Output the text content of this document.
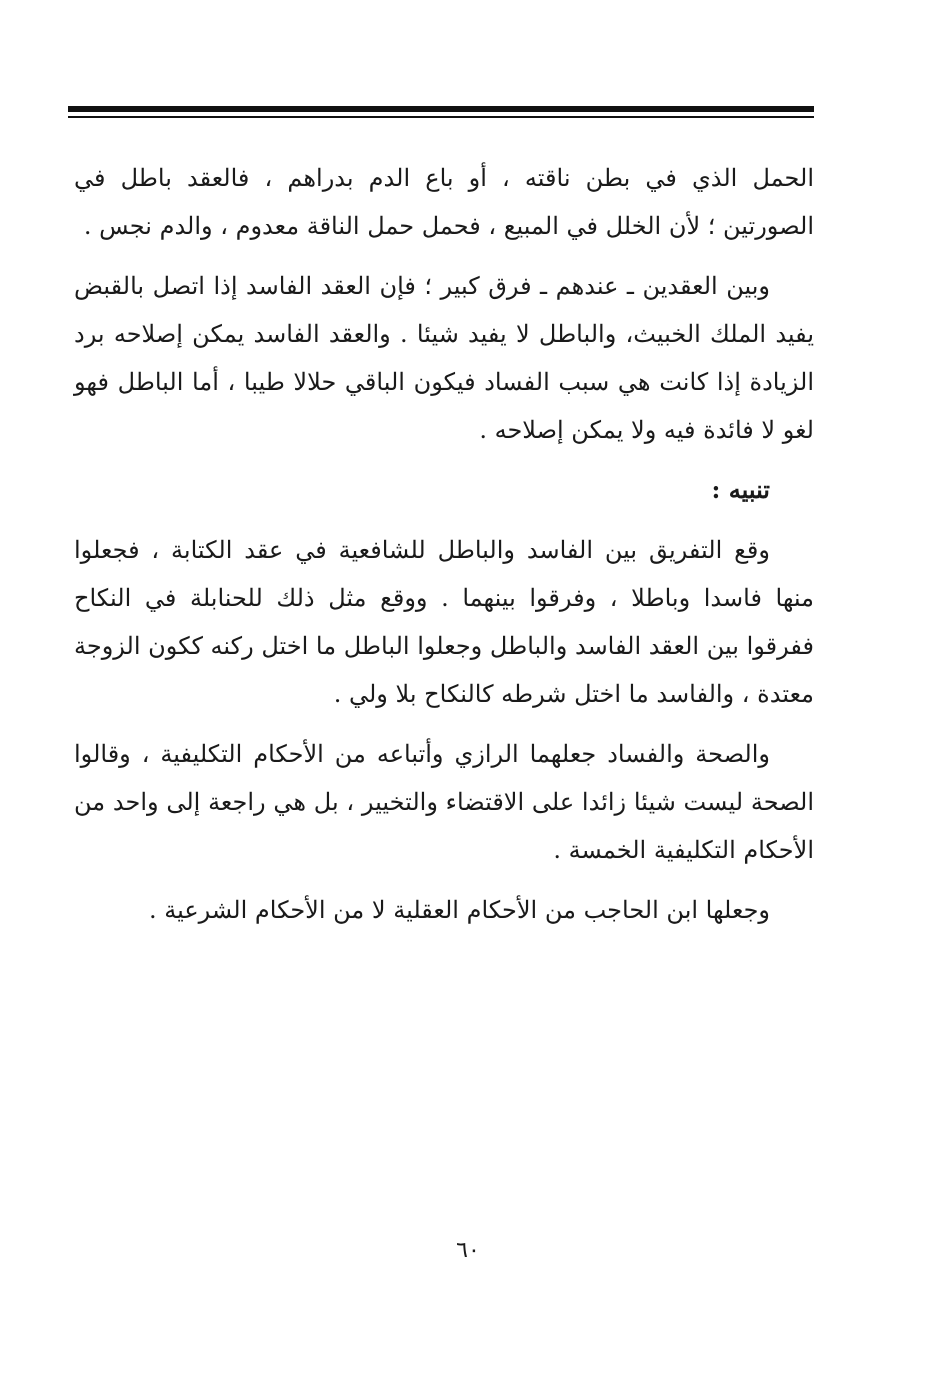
الحمل الذي في بطن ناقته ، أو باع الدم بدراهم ، فالعقد باطل في الصورتين ؛ لأن الخلل في المبيع ، فحمل حمل الناقة معدوم ، والدم نجس .

وبين العقدين ـ عندهم ـ فرق كبير ؛ فإن العقد الفاسد إذا اتصل بالقبض يفيد الملك الخبيث، والباطل لا يفيد شيئا . والعقد الفاسد يمكن إصلاحه برد الزيادة إذا كانت هي سبب الفساد فيكون الباقي حلالا طيبا ، أما الباطل فهو لغو لا فائدة فيه ولا يمكن إصلاحه .

تنبيه :

وقع التفريق بين الفاسد والباطل للشافعية في عقد الكتابة ، فجعلوا منها فاسدا وباطلا ، وفرقوا بينهما . ووقع مثل ذلك للحنابلة في النكاح ففرقوا بين العقد الفاسد والباطل وجعلوا الباطل ما اختل ركنه ككون الزوجة معتدة ، والفاسد ما اختل شرطه كالنكاح بلا ولي .

والصحة والفساد جعلهما الرازي وأتباعه من الأحكام التكليفية ، وقالوا الصحة ليست شيئا زائدا على الاقتضاء والتخيير ، بل هي راجعة إلى واحد من الأحكام التكليفية الخمسة .

وجعلها ابن الحاجب من الأحكام العقلية لا من الأحكام الشرعية .

٦٠
